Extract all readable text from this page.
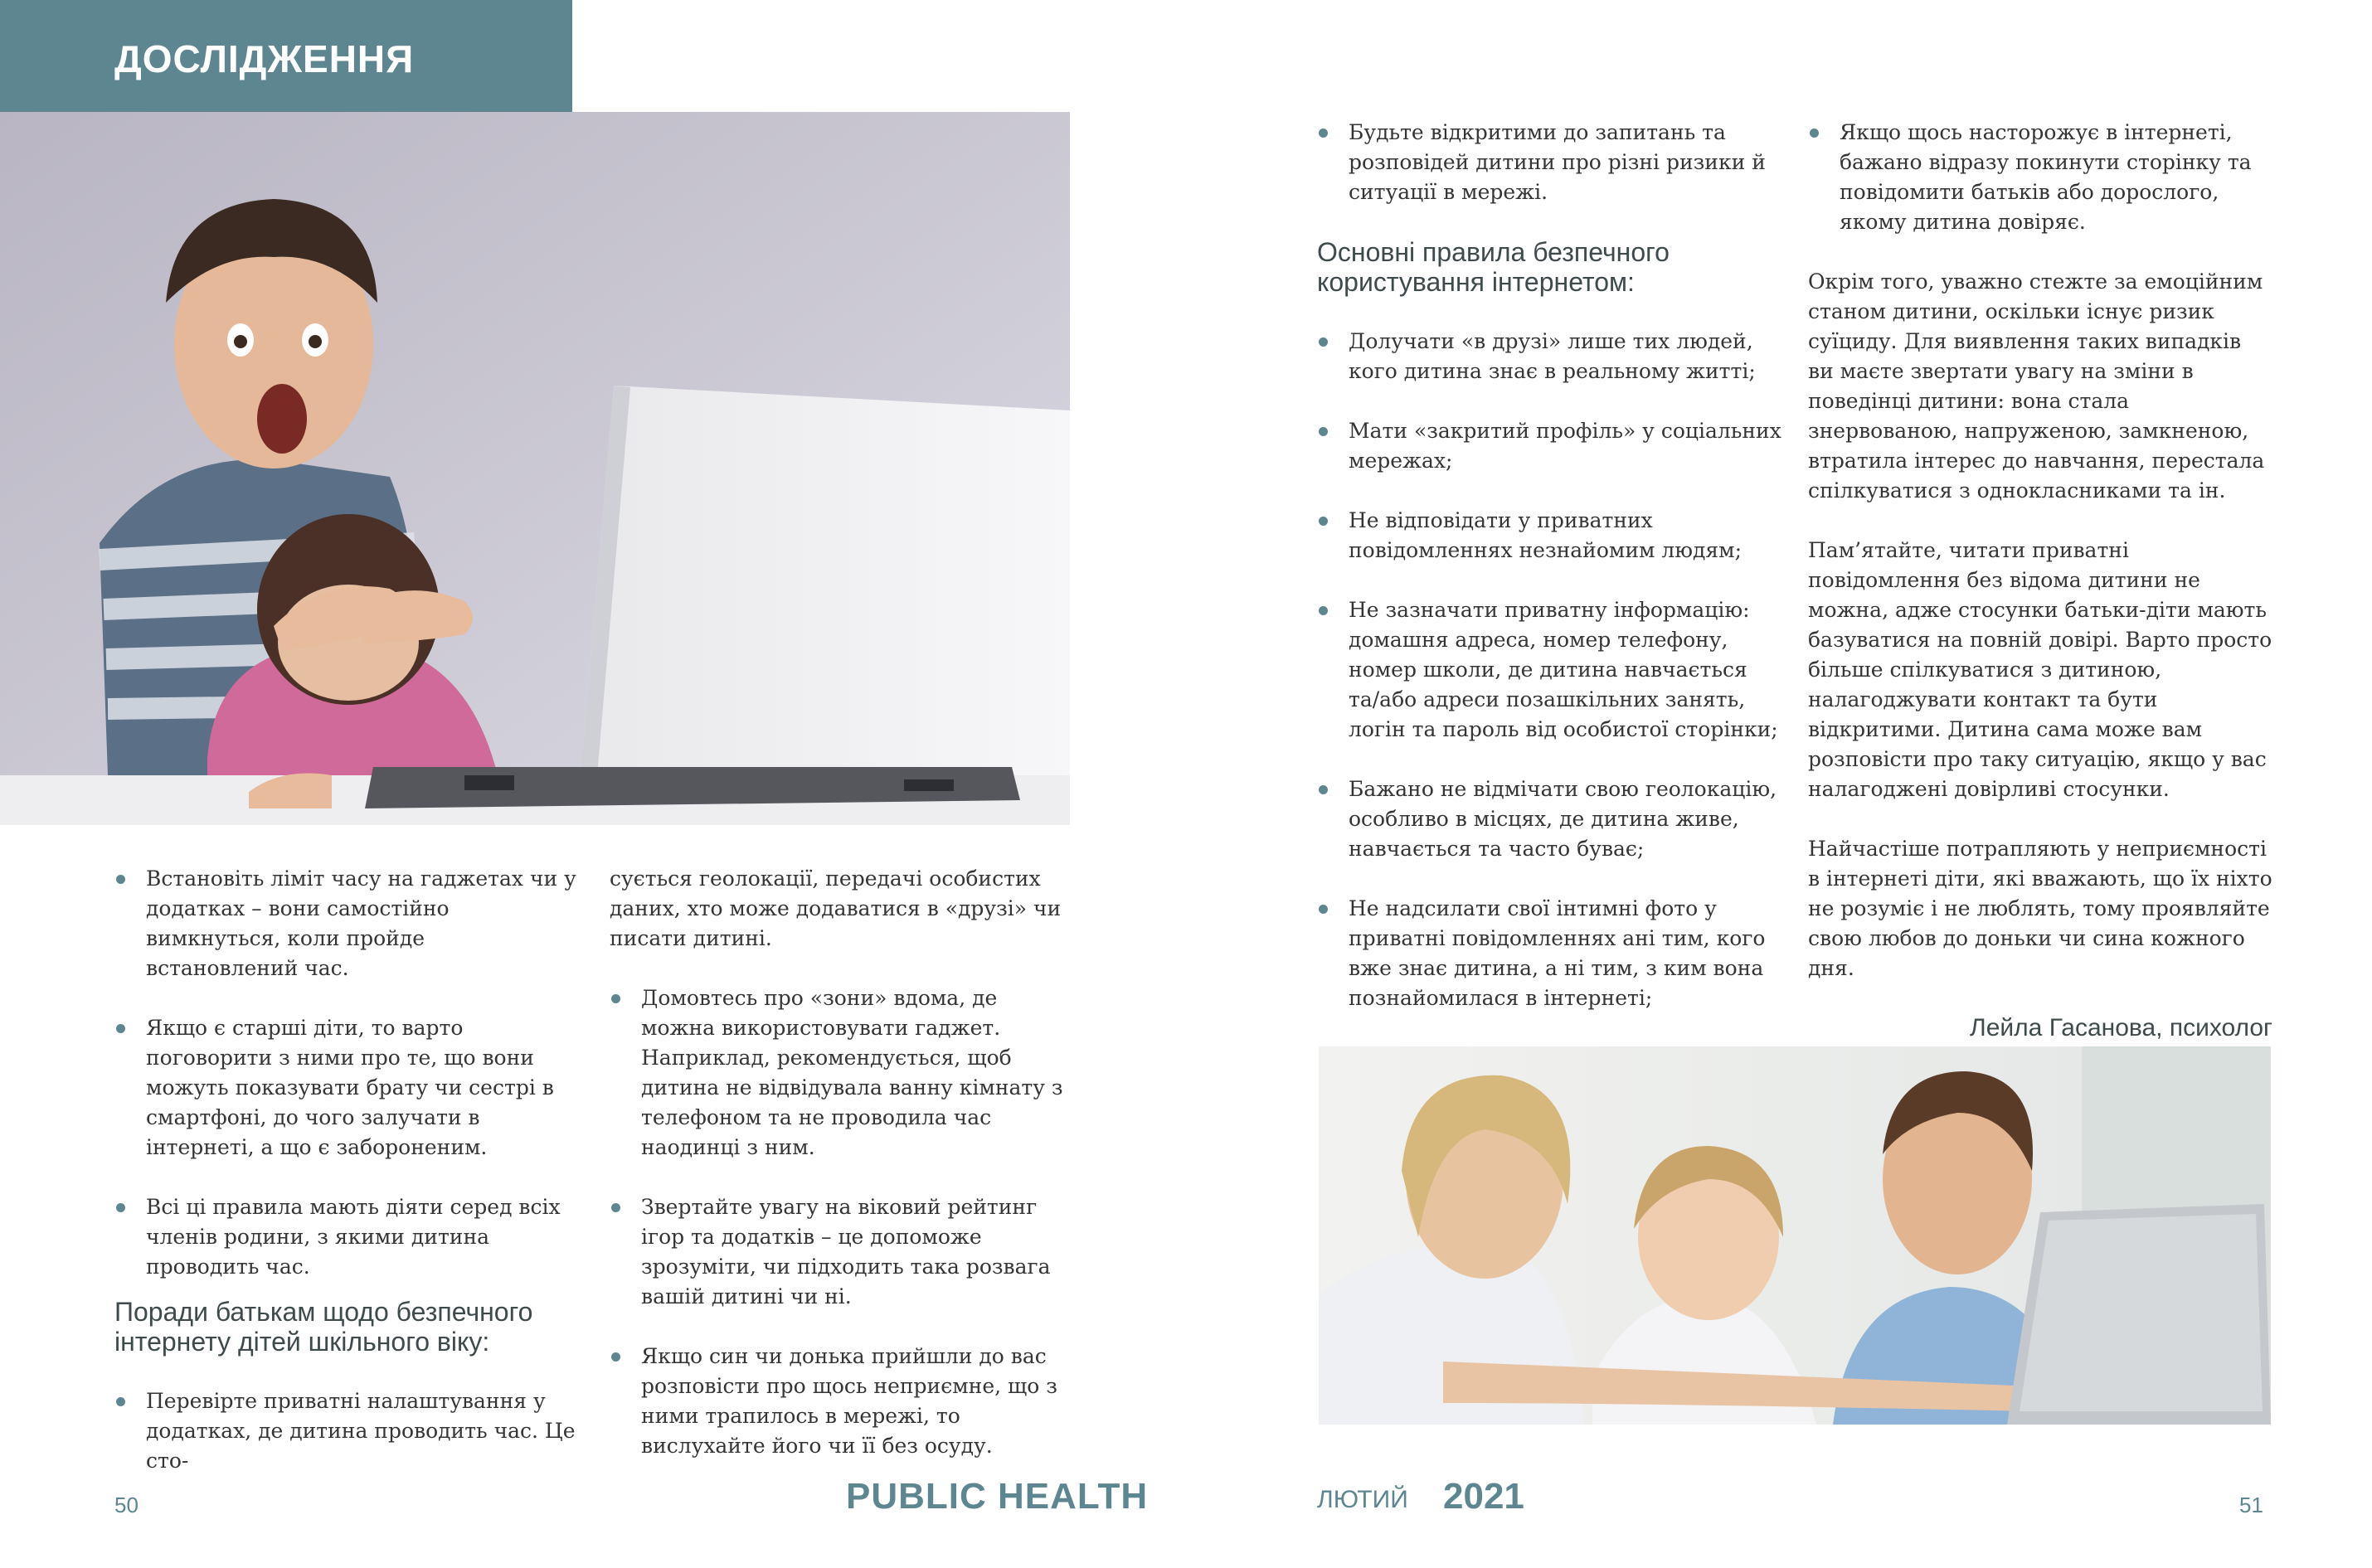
ДОСЛІДЖЕННЯ
Встановіть ліміт часу на гаджетах чи у додатках – вони самостійно вимкнуться, коли пройде встановлений час.
Якщо є старші діти, то варто поговорити з ними про те, що вони можуть показувати брату чи сестрі в смартфоні, до чого залучати в інтернеті, а що є забороненим.
Всі ці правила мають діяти серед всіх членів родини, з якими дитина проводить час.
Поради батькам щодо безпечного інтернету дітей шкільного віку:
Перевірте приватні налаштування у додатках, де дитина проводить час. Це сто-
сується геолокації, передачі особистих даних, хто може додаватися в «друзі» чи писати дитині.
Домовтесь про «зони» вдома, де можна використовувати гаджет. Наприклад, рекомендується, щоб дитина не відвідувала ванну кімнату з телефоном та не проводила час наодинці з ним.
Звертайте увагу на віковий рейтинг ігор та додатків – це допоможе зрозуміти, чи підходить така розвага вашій дитині чи ні.
Якщо син чи донька прийшли до вас розповісти про щось неприємне, що з ними трапилось в мережі, то вислухайте його чи її без осуду.
Будьте відкритими до запитань та розповідей дитини про різні ризики й ситуації в мережі.
Основні правила безпечного користування інтернетом:
Долучати «в друзі» лише тих людей, кого дитина знає в реальному житті;
Мати «закритий профіль» у соціальних мережах;
Не відповідати у приватних повідомленнях незнайомим людям;
Не зазначати приватну інформацію: домашня адреса, номер телефону, номер школи, де дитина навчається та/або адреси позашкільних занять, логін та пароль від особистої сторінки;
Бажано не відмічати свою геолокацію, особливо в місцях, де дитина живе, навчається та часто буває;
Не надсилати свої інтимні фото у приватні повідомленнях ані тим, кого вже знає дитина, а ні тим, з ким вона познайомилася в інтернеті;
Якщо щось насторожує в інтернеті, бажано відразу покинути сторінку та повідомити батьків або дорослого, якому дитина довіряє.

Окрім того, уважно стежте за емоційним станом дитини, оскільки існує ризик суїциду. Для виявлення таких випадків ви маєте звертати увагу на зміни в поведінці дитини: вона стала знервованою, напруженою, замкненою, втратила інтерес до навчання, перестала спілкуватися з однокласниками та ін.

Пам’ятайте, читати приватні повідомлення без відома дитини не можна, адже стосунки батьки-діти мають базуватися на повній довірі. Варто просто більше спілкуватися з дитиною, налагоджувати контакт та бути відкритими. Дитина сама може вам розповісти про таку ситуацію, якщо у вас налагоджені довірливі стосунки.

Найчастіше потрапляють у неприємності в інтернеті діти, які вважають, що їх ніхто не розуміє і не люблять, тому проявляйте свою любов до доньки чи сина кожного дня.

Лейла Гасанова, психолог
50	PUBLIC HEALTH	ЛЮТИЙ 2021	51
